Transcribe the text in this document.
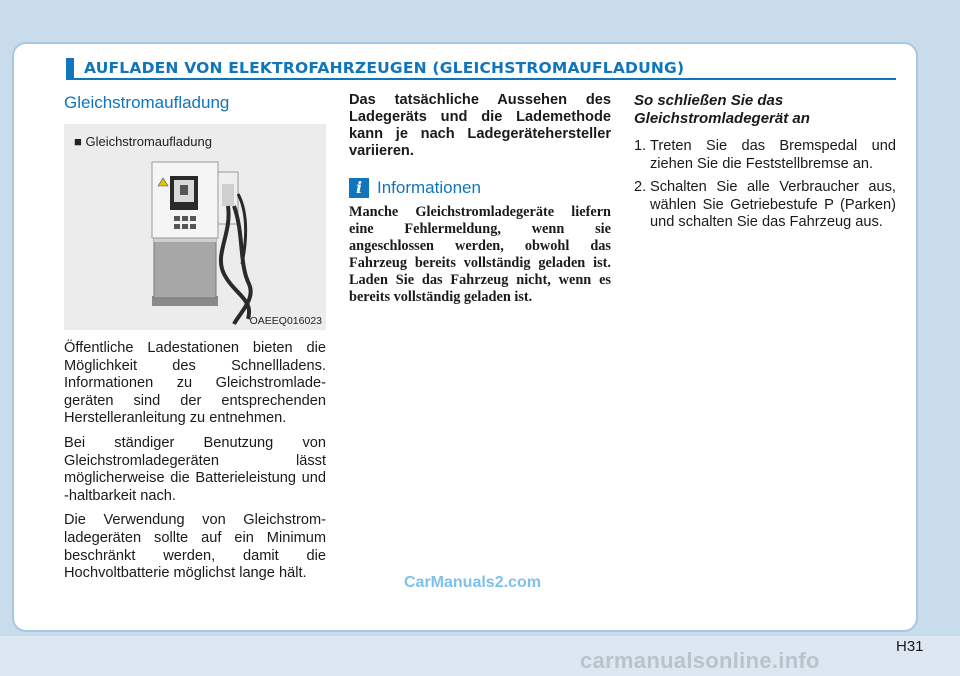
AUFLADEN VON ELEKTROFAHRZEUGEN (GLEICHSTROMAUFLADUNG)
Gleichstromaufladung
■ Gleichstromaufladung
OAEEQ016023

Öffentliche Ladestationen bieten die Möglichkeit des Schnellladens. Informationen zu Gleichstromladegeräten sind der entsprechenden Herstelleranleitung zu entnehmen.

Bei ständiger Benutzung von Gleichstromladegeräten lässt möglicherweise die Batterieleistung und -haltbarkeit nach.

Die Verwendung von Gleichstromladegeräten sollte auf ein Minimum beschränkt werden, damit die Hochvoltbatterie möglichst lange hält.

Das tatsächliche Aussehen des Ladegeräts und die Lademethode kann je nach Ladegerätehersteller variieren.

i Informationen

Manche Gleichstromladegeräte liefern eine Fehlermeldung, wenn sie angeschlossen werden, obwohl das Fahrzeug bereits vollständig geladen ist. Laden Sie das Fahrzeug nicht, wenn es bereits vollständig geladen ist.

So schließen Sie das Gleichstromladegerät an

1. Treten Sie das Bremspedal und ziehen Sie die Feststellbremse an.
2. Schalten Sie alle Verbraucher aus, wählen Sie Getriebestufe P (Parken) und schalten Sie das Fahrzeug aus.
H31
CarManuals2.com
carmanualsonline.info
